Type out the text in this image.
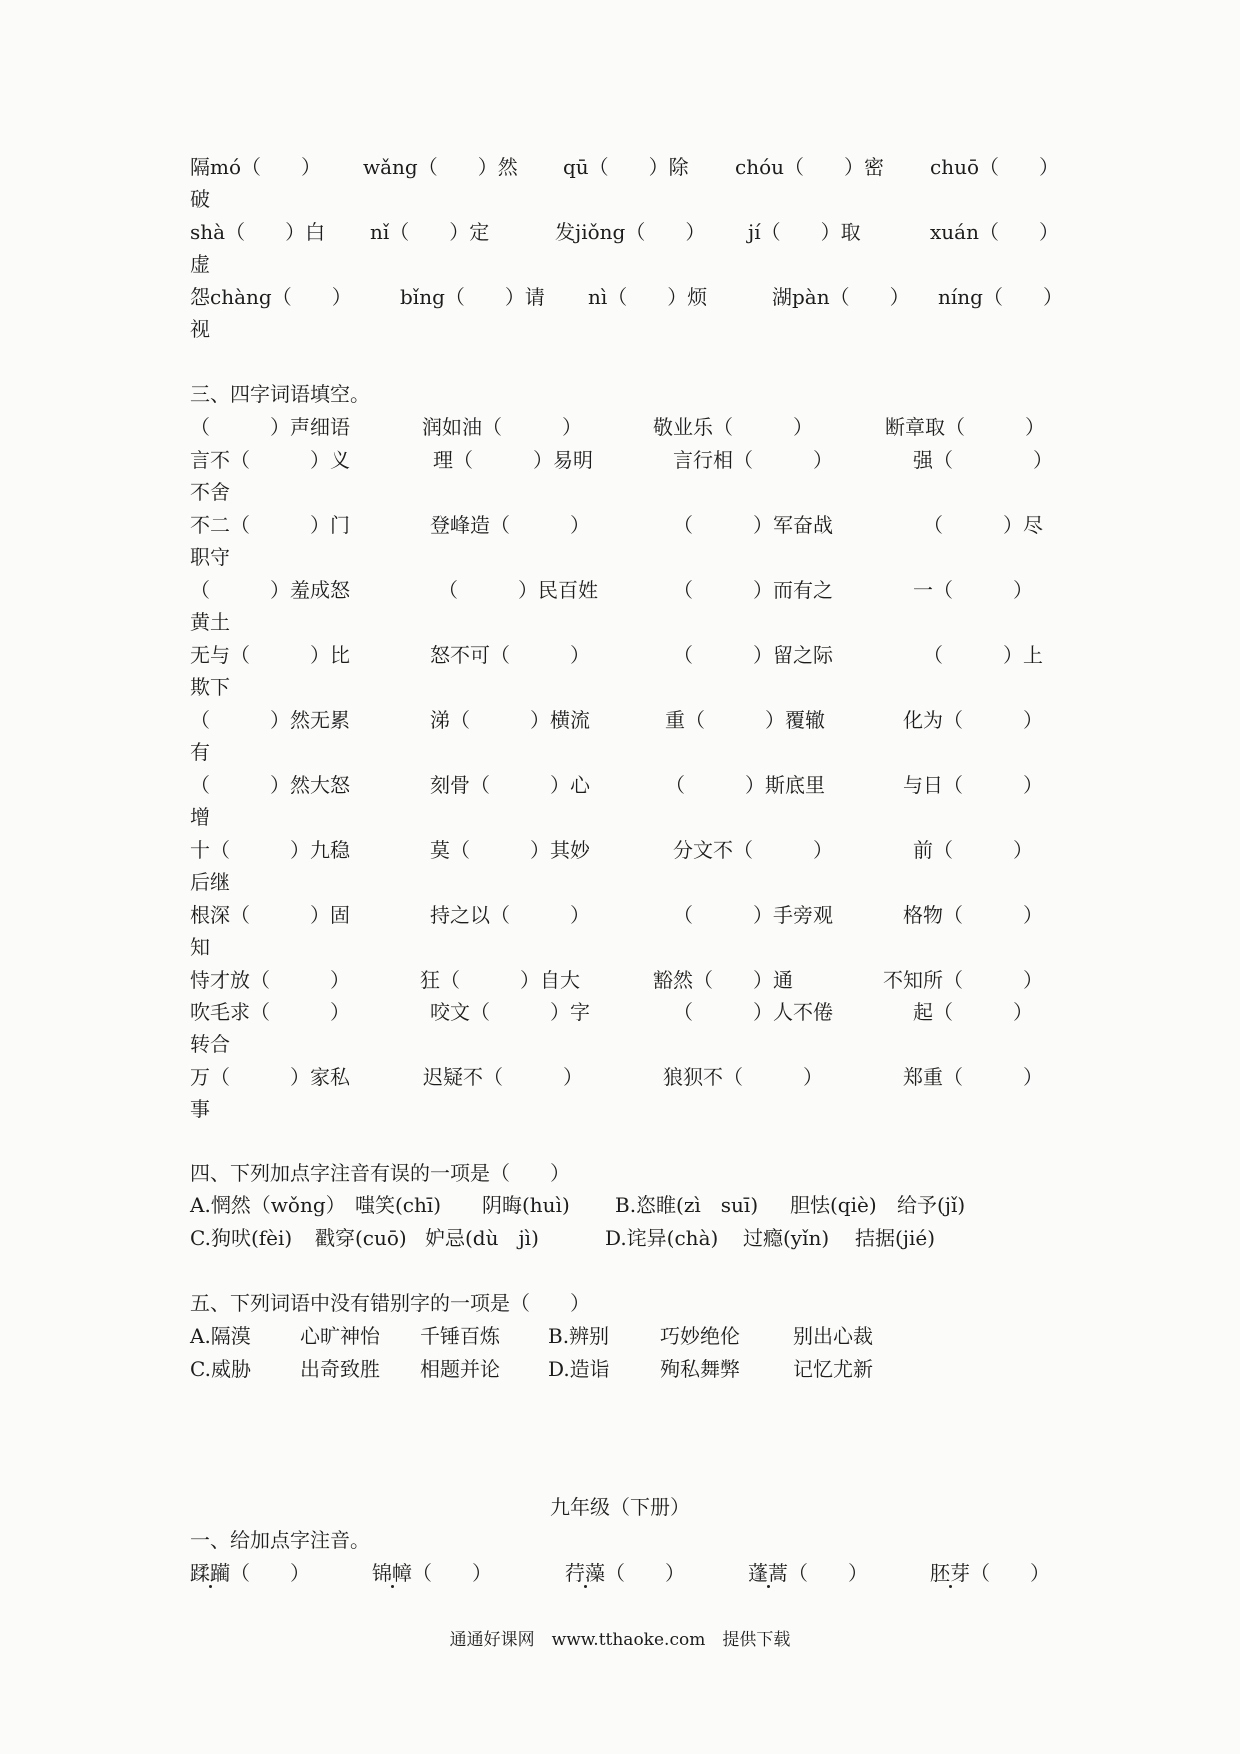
隔mó（　　） wǎng（　　）然 qū（　　）除 chóu（　　）密 chuō（　　）
破
shà（　　）白 nǐ（　　）定	发jiǒng（　　） jí（　　）取	xuán（　　）
虚
怨chàng（　　） bǐng（　　）请 nì（　　）烦	湖pàn（　　） níng（　　）
视
三、四字词语填空。
（　　　）声细语	润如油（　　　）	敬业乐（　　　）	断章取（　　　）
言不（　　　）义	理（　　　）易明	言行相（　　　）	强（　　　　）
不舍
不二（　　　）门	登峰造（　　　）	（　　　）军奋战	（　　　）尽
职守
（　　　）羞成怒	（　　　）民百姓	（　　　）而有之	一（　　　）
黄土
无与（　　　）比	怒不可（　　　）	（　　　）留之际	（　　　）上
欺下
（　　　）然无累	涕（　　　）横流	重（　　　）覆辙	化为（　　　）
有
（　　　）然大怒	刻骨（　　　）心	（　　　）斯底里	与日（　　　）
增
十（　　　）九稳	莫（　　　）其妙	分文不（　　　）	前（　　　）
后继
根深（　　　）固	持之以（　　　）	（　　　）手旁观	格物（　　　）
知
恃才放（　　　）	狂（　　　）自大	豁然（　　）通	不知所（　　　）
吹毛求（　　　）	咬文（　　　）字	（　　　）人不倦	起（　　　）
转合
万（　　　）家私	迟疑不（　　　）	狼狈不（　　　）	郑重（　　　）
事
四、下列加点字注音有误的一项是（　　）
A.惘然（wǒng） 嗤笑(chī) 阴晦(huì) B.恣睢(zì　suī) 胆怯(qiè) 给予(jǐ)
C.狗吠(fèi) 戳穿(cuō) 妒忌(dù　jì)	D.诧异(chà) 过瘾(yǐn) 拮据(jié)
五、下列词语中没有错别字的一项是（　　）
A.隔漠 心旷神怡 千锤百炼 B.辨别	巧妙绝伦	别出心裁
C.威胁 出奇致胜 相题并论 D.造诣	殉私舞弊	记忆尤新
九年级（下册）
一、给加点字注音。
蹂躏（　　）	锦幛（　　）	荇藻（　　）	蓬蒿（　　）	胚芽（　　）
通通好课网　www.tthaoke.com　提供下载
